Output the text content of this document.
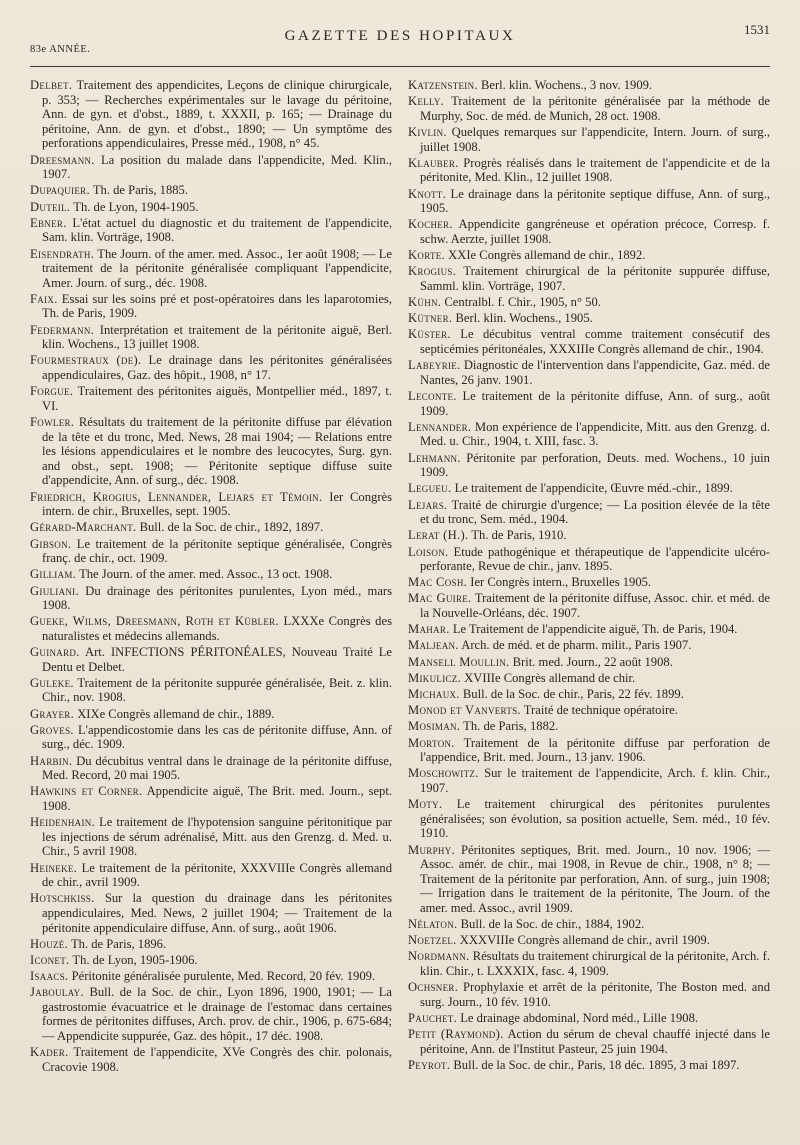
83e ANNÉE.
GAZETTE DES HOPITAUX	1531

Delbet. Traitement des appendicites, Leçons de clinique chirurgicale, p. 353; — Recherches expérimentales sur le lavage du péritoine, Ann. de gyn. et d'obst., 1889, t. XXXII, p. 165; — Drainage du péritoine, Ann. de gyn. et d'obst., 1890; — Un symptôme des perforations appendiculaires, Presse méd., 1908, n° 45.

Dreesmann. La position du malade dans l'appendicite, Med. Klin., 1907.

Dupaquier. Th. de Paris, 1885.

Duteil. Th. de Lyon, 1904-1905.

Ebner. L'état actuel du diagnostic et du traitement de l'appendicite, Sam. klin. Vorträge, 1908.

Eisendrath. The Journ. of the amer. med. Assoc., 1er août 1908; — Le traitement de la péritonite généralisée compliquant l'appendicite, Amer. Journ. of surg., déc. 1908.

Faix. Essai sur les soins pré et post-opératoires dans les laparotomies, Th. de Paris, 1909.

Federmann. Interprétation et traitement de la péritonite aiguë, Berl. klin. Wochens., 13 juillet 1908.

Fourmestraux (de). Le drainage dans les péritonites généralisées appendiculaires, Gaz. des hôpit., 1908, n° 17.

Forgue. Traitement des péritonites aiguës, Montpellier méd., 1897, t. VI.

Fowler. Résultats du traitement de la péritonite diffuse par élévation de la tête et du tronc, Med. News, 28 mai 1904; — Relations entre les lésions appendiculaires et le nombre des leucocytes, Surg. gyn. and obst., sept. 1908; — Péritonite septique diffuse suite d'appendicite, Ann. of surg., déc. 1908.

Friedrich, Krogius, Lennander, Lejars et Témoin. Ier Congrès intern. de chir., Bruxelles, sept. 1905.

Gérard-Marchant. Bull. de la Soc. de chir., 1892, 1897.

Gibson. Le traitement de la péritonite septique généralisée, Congrès franç. de chir., oct. 1909.

Gilliam. The Journ. of the amer. med. Assoc., 13 oct. 1908.

Giuliani. Du drainage des péritonites purulentes, Lyon méd., mars 1908.

Gueke, Wilms, Dreesmann, Roth et Kübler. LXXXe Congrès des naturalistes et médecins allemands.

Guinard. Art. INFECTIONS PÉRITONÉALES, Nouveau Traité Le Dentu et Delbet.

Guleke. Traitement de la péritonite suppurée généralisée, Beit. z. klin. Chir., nov. 1908.

Grayer. XIXe Congrès allemand de chir., 1889.

Groves. L'appendicostomie dans les cas de péritonite diffuse, Ann. of surg., déc. 1909.

Harbin. Du décubitus ventral dans le drainage de la péritonite diffuse, Med. Record, 20 mai 1905.

Hawkins et Corner. Appendicite aiguë, The Brit. med. Journ., sept. 1908.

Heidenhain. Le traitement de l'hypotension sanguine péritonitique par les injections de sérum adrénalisé, Mitt. aus den Grenzg. d. Med. u. Chir., 5 avril 1908.

Heineke. Le traitement de la péritonite, XXXVIIIe Congrès allemand de chir., avril 1909.

Hotschkiss. Sur la question du drainage dans les péritonites appendiculaires, Med. News, 2 juillet 1904; — Traitement de la péritonite appendiculaire diffuse, Ann. of surg., août 1906.

Houzé. Th. de Paris, 1896.

Iconet. Th. de Lyon, 1905-1906.

Isaacs. Péritonite généralisée purulente, Med. Record, 20 fév. 1909.

Jaboulay. Bull. de la Soc. de chir., Lyon 1896, 1900, 1901; — La gastrostomie évacuatrice et le drainage de l'estomac dans certaines formes de péritonites diffuses, Arch. prov. de chir., 1906, p. 675-684; — Appendicite suppurée, Gaz. des hôpit., 17 déc. 1908.

Kader. Traitement de l'appendicite, XVe Congrès des chir. polonais, Cracovie 1908.

Katzenstein. Berl. klin. Wochens., 3 nov. 1909.

Kelly. Traitement de la péritonite généralisée par la méthode de Murphy, Soc. de méd. de Munich, 28 oct. 1908.

Kivlin. Quelques remarques sur l'appendicite, Intern. Journ. of surg., juillet 1908.

Klauber. Progrès réalisés dans le traitement de l'appendicite et de la péritonite, Med. Klin., 12 juillet 1908.

Knott. Le drainage dans la péritonite septique diffuse, Ann. of surg., 1905.

Kocher. Appendicite gangréneuse et opération précoce, Corresp. f. schw. Aerzte, juillet 1908.

Korte. XXIe Congrès allemand de chir., 1892.

Krogius. Traitement chirurgical de la péritonite suppurée diffuse, Samml. klin. Vorträge, 1907.

Kühn. Centralbl. f. Chir., 1905, n° 50.

Kütner. Berl. klin. Wochens., 1905.

Küster. Le décubitus ventral comme traitement consécutif des septicémies péritonéales, XXXIIIe Congrès allemand de chir., 1904.

Labeyrie. Diagnostic de l'intervention dans l'appendicite, Gaz. méd. de Nantes, 26 janv. 1901.

Leconte. Le traitement de la péritonite diffuse, Ann. of surg., août 1909.

Lennander. Mon expérience de l'appendicite, Mitt. aus den Grenzg. d. Med. u. Chir., 1904, t. XIII, fasc. 3.

Lehmann. Péritonite par perforation, Deuts. med. Wochens., 10 juin 1909.

Legueu. Le traitement de l'appendicite, Œuvre méd.-chir., 1899.

Lejars. Traité de chirurgie d'urgence; — La position élevée de la tête et du tronc, Sem. méd., 1904.

Lerat (H.). Th. de Paris, 1910.

Loison. Etude pathogénique et thérapeutique de l'appendicite ulcéro-perforante, Revue de chir., janv. 1895.

Mac Cosh. Ier Congrès intern., Bruxelles 1905.

Mac Guire. Traitement de la péritonite diffuse, Assoc. chir. et méd. de la Nouvelle-Orléans, déc. 1907.

Mahar. Le Traitement de l'appendicite aiguë, Th. de Paris, 1904.

Maljean. Arch. de méd. et de pharm. milit., Paris 1907.

Mansell Moullin. Brit. med. Journ., 22 août 1908.

Mikulicz. XVIIIe Congrès allemand de chir.

Michaux. Bull. de la Soc. de chir., Paris, 22 fév. 1899.

Monod et Vanverts. Traité de technique opératoire.

Mosiman. Th. de Paris, 1882.

Morton. Traitement de la péritonite diffuse par perforation de l'appendice, Brit. med. Journ., 13 janv. 1906.

Moschowitz. Sur le traitement de l'appendicite, Arch. f. klin. Chir., 1907.

Moty. Le traitement chirurgical des péritonites purulentes généralisées; son évolution, sa position actuelle, Sem. méd., 10 fév. 1910.

Murphy. Péritonites septiques, Brit. med. Journ., 10 nov. 1906; — Assoc. amér. de chir., mai 1908, in Revue de chir., 1908, n° 8; — Traitement de la péritonite par perforation, Ann. of surg., juin 1908; — Irrigation dans le traitement de la péritonite, The Journ. of the amer. med. Assoc., avril 1909.

Nélaton. Bull. de la Soc. de chir., 1884, 1902.

Noetzel. XXXVIIIe Congrès allemand de chir., avril 1909.

Nordmann. Résultats du traitement chirurgical de la péritonite, Arch. f. klin. Chir., t. LXXXIX, fasc. 4, 1909.

Ochsner. Prophylaxie et arrêt de la péritonite, The Boston med. and surg. Journ., 10 fév. 1910.

Pauchet. Le drainage abdominal, Nord méd., Lille 1908.

Petit (Raymond). Action du sérum de cheval chauffé injecté dans le péritoine, Ann. de l'Institut Pasteur, 25 juin 1904.

Peyrot. Bull. de la Soc. de chir., Paris, 18 déc. 1895, 3 mai 1897.
